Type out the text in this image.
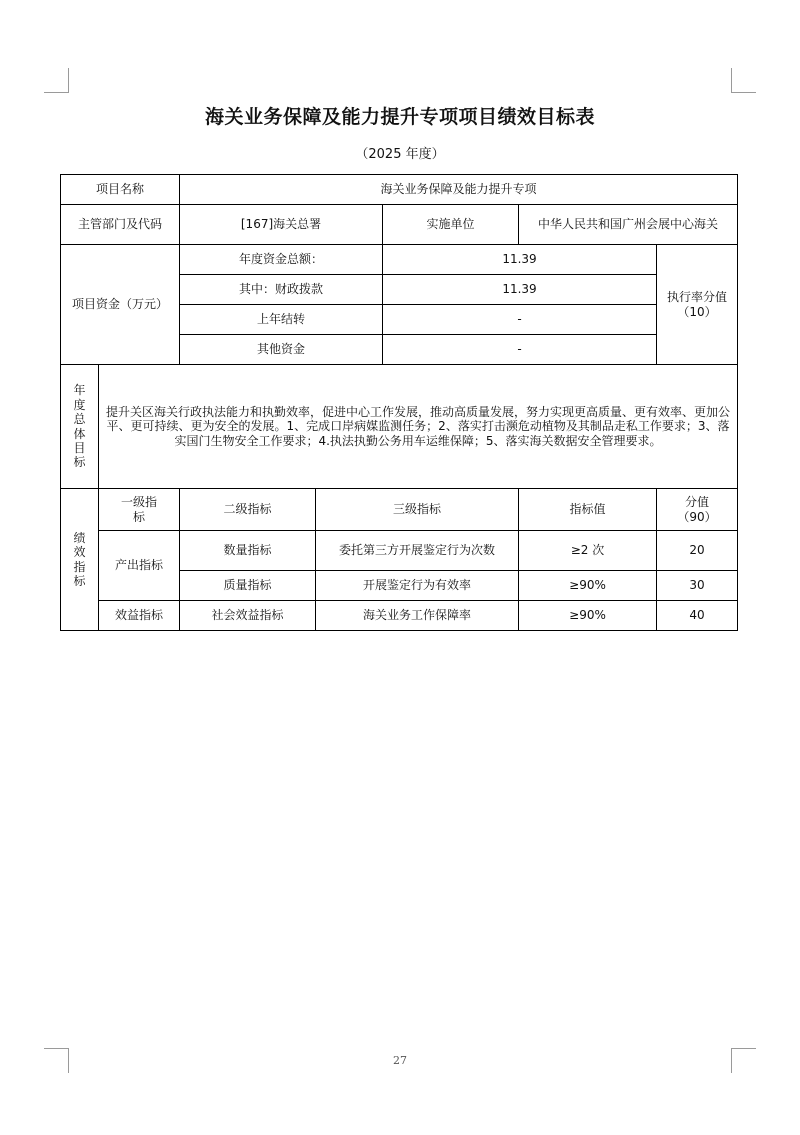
海关业务保障及能力提升专项项目绩效目标表
（2025 年度）
项目名称		海关业务保障及能力提升专项				
主管部门及代码		[167]海关总署		实施单位	中华人民共和国广州会展中心海关	
项目资金（万元）		年度资金总额：		11.39		执行率分值（10）
		其中：财政拨款		11.39		
		上年结转		-		
		其他资金		-		

年度总体目标	提升关区海关行政执法能力和执勤效率，促进中心工作发展，推动高质量发展，努力实现更高质量、更有效率、更加公平、更可持续、更为安全的发展。1、完成口岸病媒监测任务；2、落实打击濒危动植物及其制品走私工作要求；3、落实国门生物安全工作要求；4.执法执勤公务用车运维保障；5、落实海关数据安全管理要求。					

绩效指标	一级指标	二级指标	三级指标		指标值	分值（90）
	产出指标	数量指标	委托第三方开展鉴定行为次数		≥2 次	20
		质量指标	开展鉴定行为有效率		≥90%	30
	效益指标	社会效益指标	海关业务工作保障率		≥90%	40
27
